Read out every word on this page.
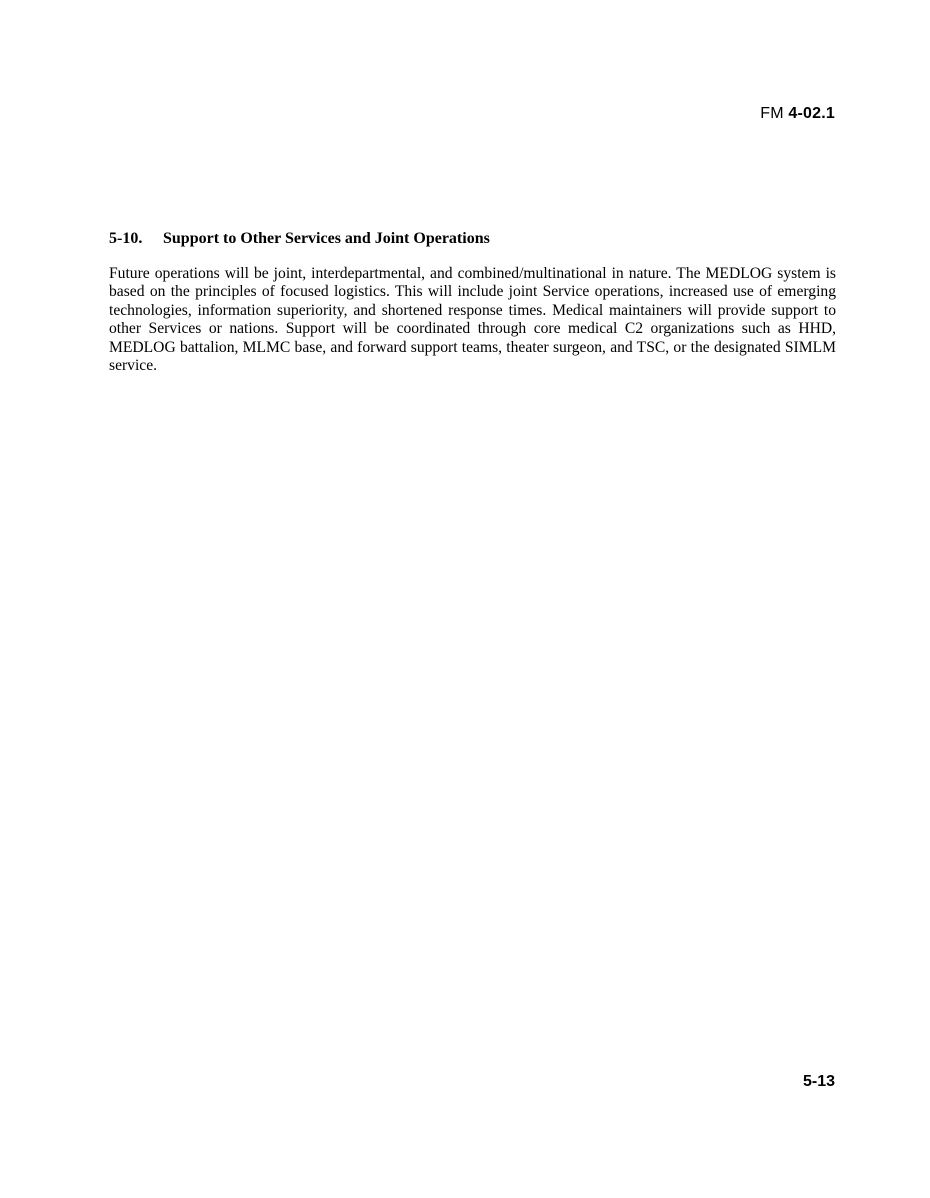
FM 4-02.1
5-10. Support to Other Services and Joint Operations

Future operations will be joint, interdepartmental, and combined/multinational in nature. The MEDLOG system is based on the principles of focused logistics. This will include joint Service operations, increased use of emerging technologies, information superiority, and shortened response times. Medical maintainers will provide support to other Services or nations. Support will be coordinated through core medical C2 organizations such as HHD, MEDLOG battalion, MLMC base, and forward support teams, theater surgeon, and TSC, or the designated SIMLM service.

5-13
